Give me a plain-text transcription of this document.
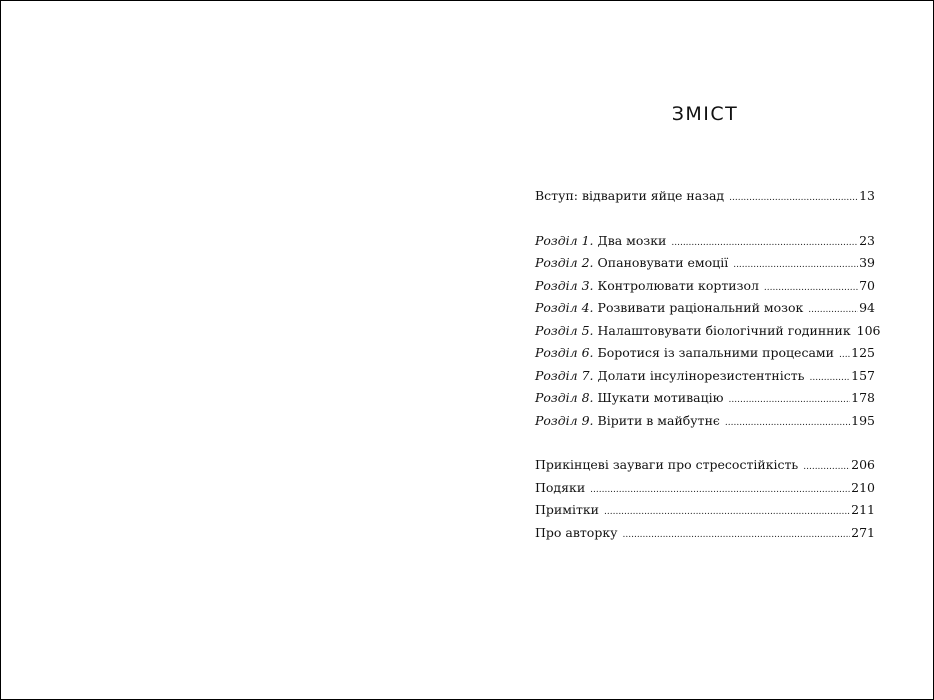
ЗМІСТ
Вступ: відварити яйце назад .....	13
Розділ 1. Два мозки .....	23
Розділ 2. Опановувати емоції .....	39
Розділ 3. Контролювати кортизол .....	70
Розділ 4. Розвивати раціональний мозок .....	94
Розділ 5. Налаштовувати біологічний годинник 106
Розділ 6. Боротися із запальними процесами ..... 125
Розділ 7. Долати інсулінорезистентність .....	157
Розділ 8. Шукати мотивацію .....	178
Розділ 9. Вірити в майбутнє .....	195
Прикінцеві зауваги про стресостійкість .....	206
Подяки .....	210
Примітки .....	211
Про авторку .....	271
